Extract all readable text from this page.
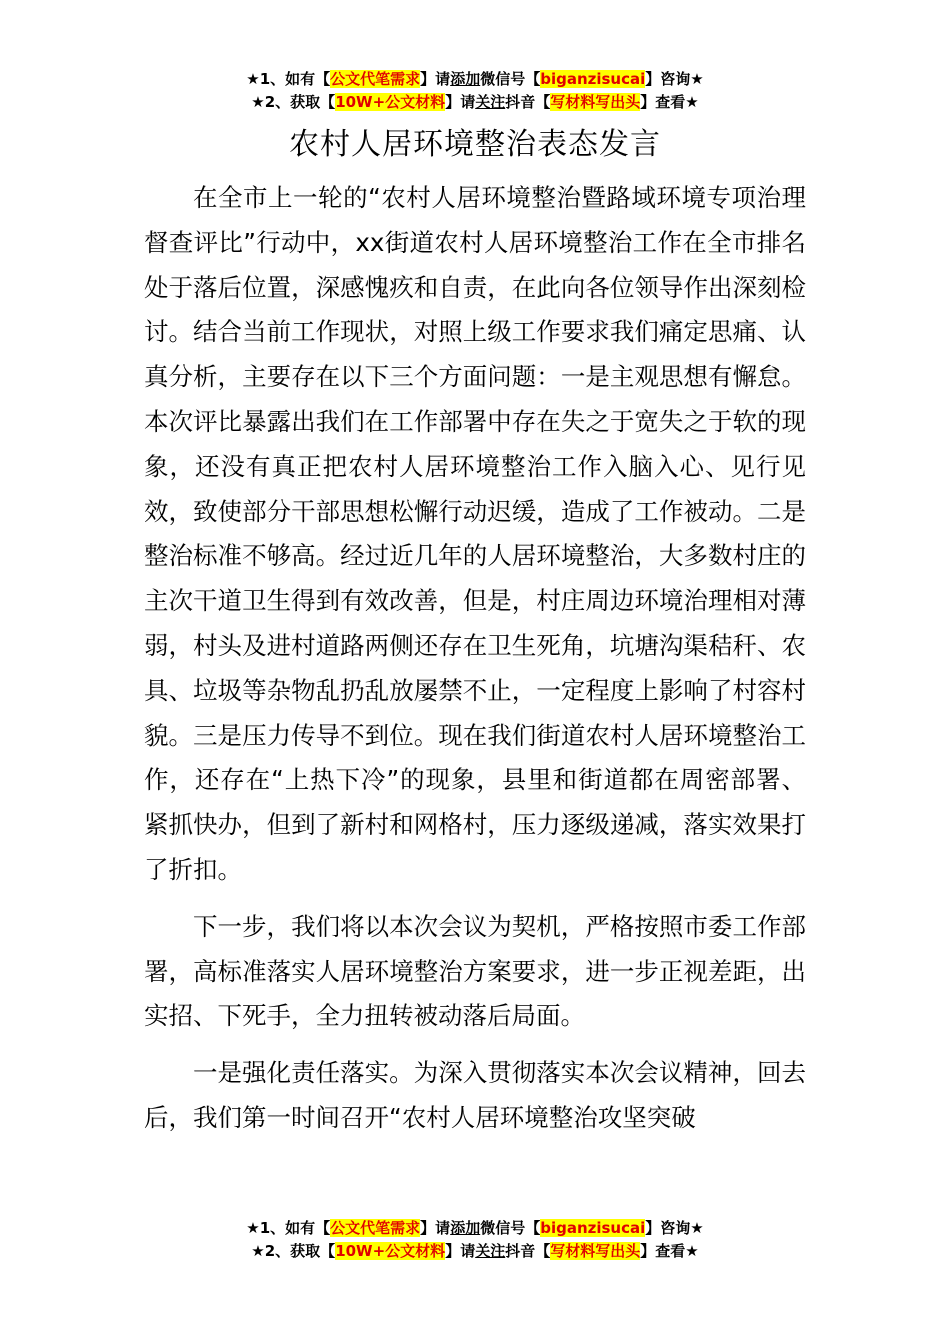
★1、如有【公文代笔需求】请添加微信号【biganzisucai】咨询★
★2、获取【10W+公文材料】请关注抖音【写材料写出头】查看★
农村人居环境整治表态发言

在全市上一轮的“农村人居环境整治暨路域环境专项治理督查评比”行动中，xx街道农村人居环境整治工作在全市排名处于落后位置，深感愧疚和自责，在此向各位领导作出深刻检讨。结合当前工作现状，对照上级工作要求我们痛定思痛、认真分析，主要存在以下三个方面问题：一是主观思想有懈怠。本次评比暴露出我们在工作部署中存在失之于宽失之于软的现象，还没有真正把农村人居环境整治工作入脑入心、见行见效，致使部分干部思想松懈行动迟缓，造成了工作被动。二是整治标准不够高。经过近几年的人居环境整治，大多数村庄的主次干道卫生得到有效改善，但是，村庄周边环境治理相对薄弱，村头及进村道路两侧还存在卫生死角，坑塘沟渠秸秆、农具、垃圾等杂物乱扔乱放屡禁不止，一定程度上影响了村容村貌。三是压力传导不到位。现在我们街道农村人居环境整治工作，还存在“上热下冷”的现象，县里和街道都在周密部署、紧抓快办，但到了新村和网格村，压力逐级递减，落实效果打了折扣。

下一步，我们将以本次会议为契机，严格按照市委工作部署，高标准落实人居环境整治方案要求，进一步正视差距，出实招、下死手，全力扭转被动落后局面。

一是强化责任落实。为深入贯彻落实本次会议精神，回去后，我们第一时间召开“农村人居环境整治攻坚突破

★1、如有【公文代笔需求】请添加微信号【biganzisucai】咨询★
★2、获取【10W+公文材料】请关注抖音【写材料写出头】查看★
